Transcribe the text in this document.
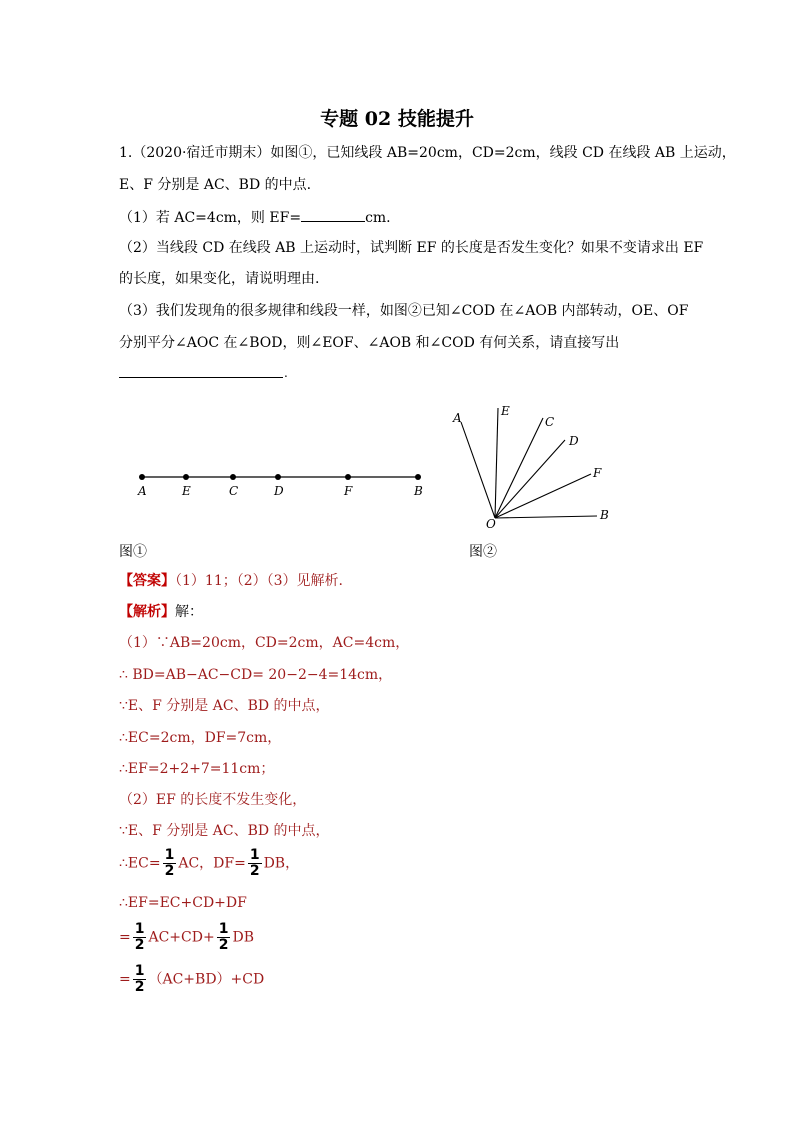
专题 02 技能提升
1.（2020·宿迁市期末）如图①，已知线段 AB=20cm，CD=2cm，线段 CD 在线段 AB 上运动，
E、F 分别是 AC、BD 的中点.
（1）若 AC=4cm，则 EF=	cm.
（2）当线段 CD 在线段 AB 上运动时，试判断 EF 的长度是否发生变化？如果不变请求出 EF
的长度，如果变化，请说明理由.
（3）我们发现角的很多规律和线段一样，如图②已知∠COD 在∠AOB 内部转动，OE、OF
分别平分∠AOC 在∠BOD，则∠EOF、∠AOB 和∠COD 有何关系，请直接写出
.
A	E	C	D	F	B
图①
A	E
C
D
F
B
O
图②
【答案】（1）11；（2）（3）见解析.
【解析】解：
（1）∵AB=20cm，CD=2cm，AC=4cm，
∴ BD=AB−AC−CD= 20−2−4=14cm，
∵E、F 分别是 AC、BD 的中点，
∴EC=2cm，DF=7cm，
∴EF=2+2+7=11cm；
（2）EF 的长度不发生变化，
∵E、F 分别是 AC、BD 的中点，
∴EC= $\frac{1}{2}$ AC，$DF= \frac{1}{2}$ DB，
∴EF=EC+CD+DF
= $\frac{1}{2} AC+CD+ \frac{1}{2}$ DB
= $\frac{1}{2} (AC+BD)+CD$
